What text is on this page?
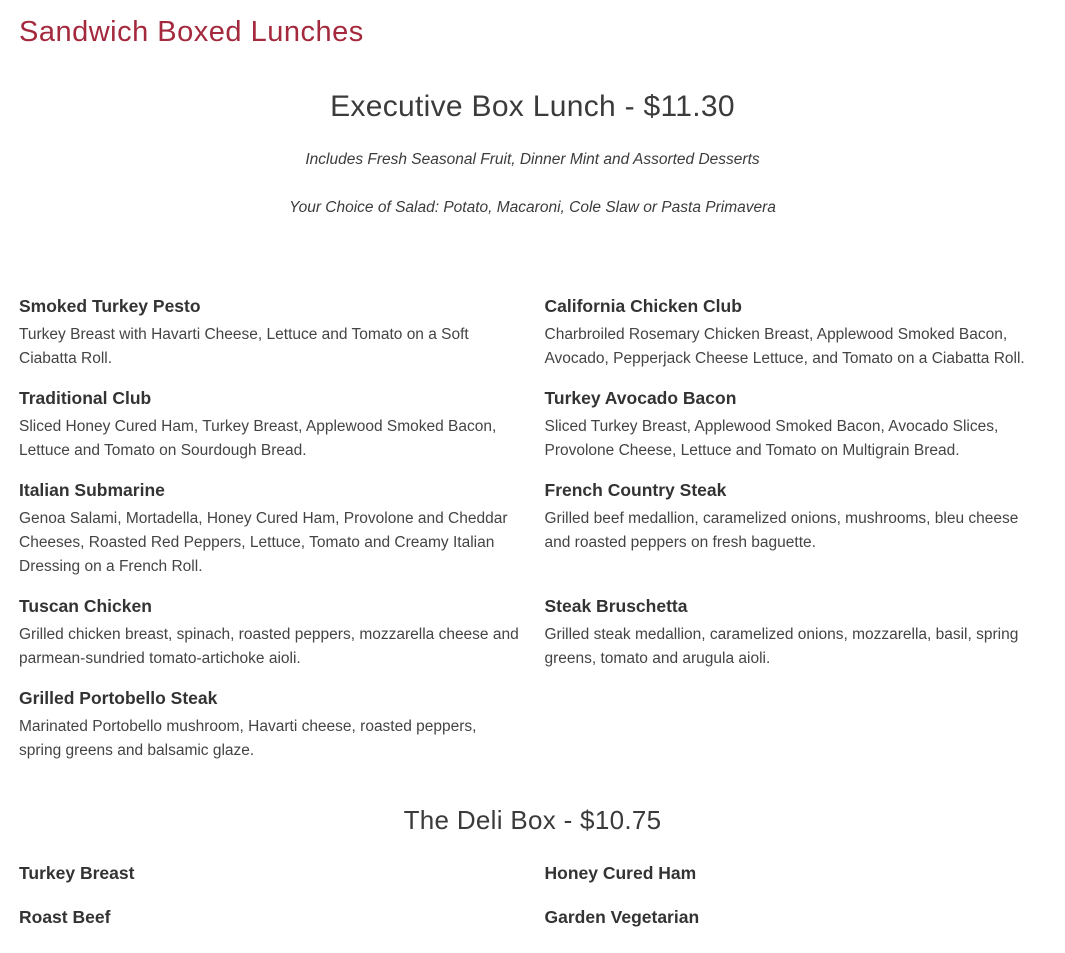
Sandwich Boxed Lunches
Executive Box Lunch - $11.30

Includes Fresh Seasonal Fruit, Dinner Mint and Assorted Desserts

Your Choice of Salad: Potato, Macaroni, Cole Slaw or Pasta Primavera

Smoked Turkey Pesto

Turkey Breast with Havarti Cheese, Lettuce and Tomato on a Soft Ciabatta Roll.

California Chicken Club

Charbroiled Rosemary Chicken Breast, Applewood Smoked Bacon, Avocado, Pepperjack Cheese Lettuce, and Tomato on a Ciabatta Roll.

Traditional Club

Sliced Honey Cured Ham, Turkey Breast, Applewood Smoked Bacon, Lettuce and Tomato on Sourdough Bread.

Turkey Avocado Bacon

Sliced Turkey Breast, Applewood Smoked Bacon, Avocado Slices, Provolone Cheese, Lettuce and Tomato on Multigrain Bread.

Italian Submarine

Genoa Salami, Mortadella, Honey Cured Ham, Provolone and Cheddar Cheeses, Roasted Red Peppers, Lettuce, Tomato and Creamy Italian Dressing on a French Roll.

French Country Steak

Grilled beef medallion, caramelized onions, mushrooms, bleu cheese and roasted peppers on fresh baguette.

Tuscan Chicken

Grilled chicken breast, spinach, roasted peppers, mozzarella cheese and parmean-sundried tomato-artichoke aioli.

Steak Bruschetta

Grilled steak medallion, caramelized onions, mozzarella, basil, spring greens, tomato and arugula aioli.

Grilled Portobello Steak

Marinated Portobello mushroom, Havarti cheese, roasted peppers, spring greens and balsamic glaze.

The Deli Box - $10.75
Turkey Breast	Honey Cured Ham
Roast Beef	Garden Vegetarian
